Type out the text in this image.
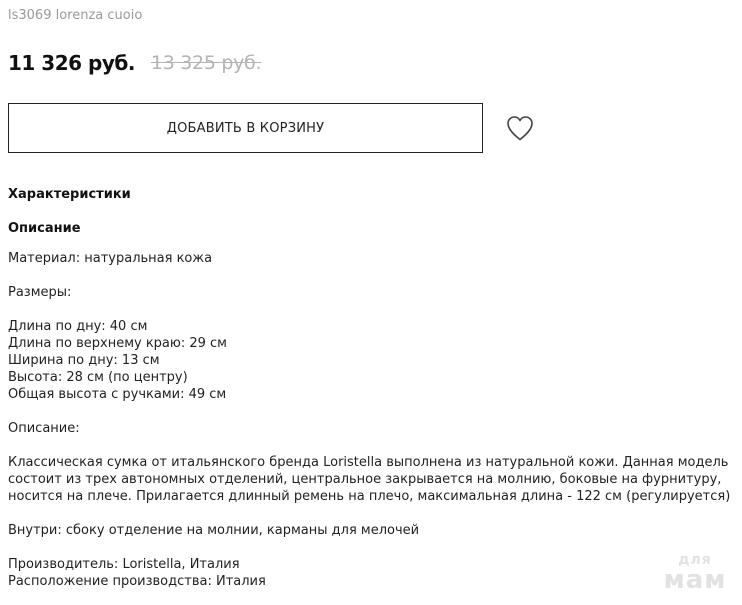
ls3069 lorenza cuoio
11 326 руб. 13 325 руб.
ДОБАВИТЬ В КОРЗИНУ
Характеристики
Описание
Материал: натуральная кожа
Размеры:
Длина по дну: 40 см
Длина по верхнему краю: 29 см
Ширина по дну: 13 см
Высота: 28 см (по центру)
Общая высота с ручками: 49 см
Описание:
Классическая сумка от итальянского бренда Loristella выполнена из натуральной кожи. Данная модель
состоит из трех автономных отделений, центральное закрывается на молнию, боковые на фурнитуру,
носится на плече. Прилагается длинный ремень на плечо, максимальная длина - 122 см (регулируется)
Внутри: сбоку отделение на молнии, карманы для мелочей
Производитель: Loristella, Италия
Расположение производства: Италия
для
мам
